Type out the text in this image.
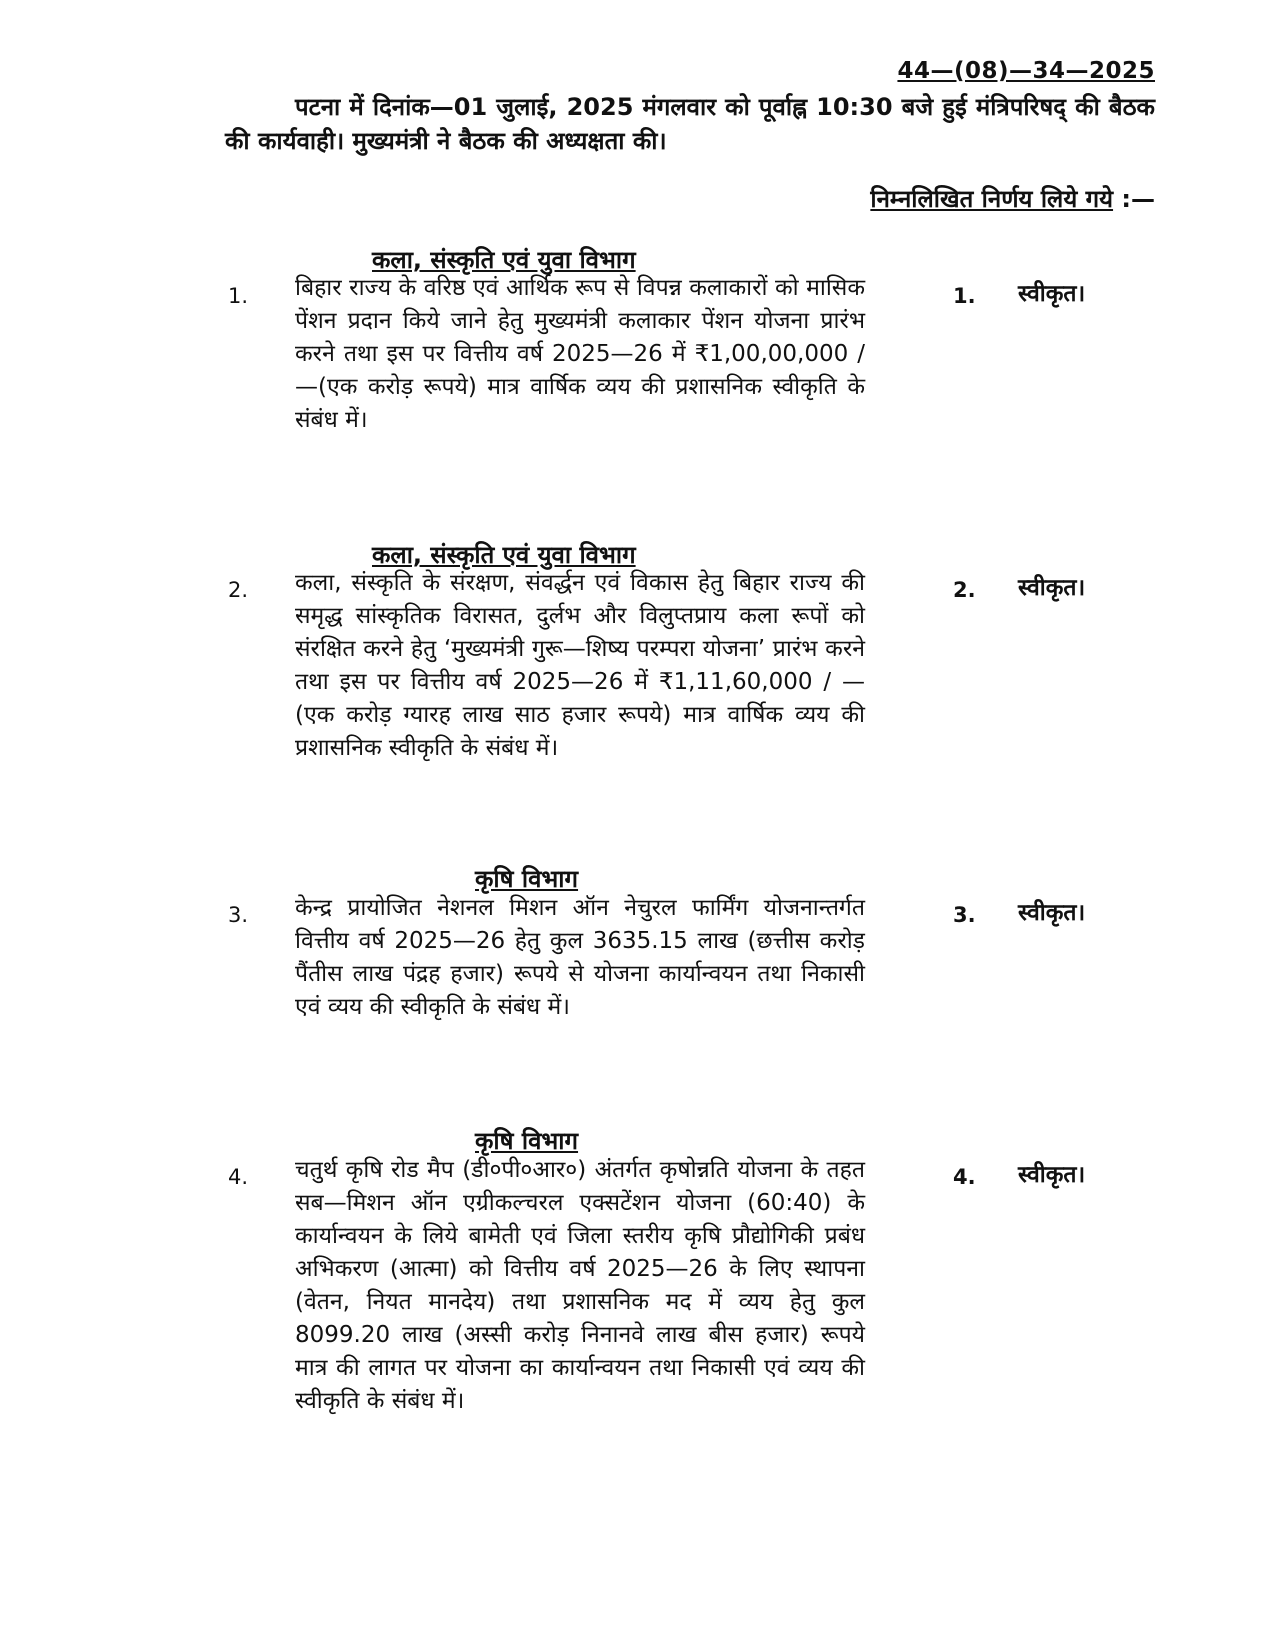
44—(08)—34—2025
पटना में दिनांक—01 जुलाई, 2025 मंगलवार को पूर्वाह्न 10:30 बजे हुई मंत्रिपरिषद् की बैठक की कार्यवाही। मुख्यमंत्री ने बैठक की अध्यक्षता की।
निम्नलिखित निर्णय लिये गये :—
कला, संस्कृति एवं युवा विभाग
1. बिहार राज्य के वरिष्ठ एवं आर्थिक रूप से विपन्न कलाकारों को मासिक पेंशन प्रदान किये जाने हेतु मुख्यमंत्री कलाकार पेंशन योजना प्रारंभ करने तथा इस पर वित्तीय वर्ष 2025—26 में ₹1,00,00,000 / —(एक करोड़ रूपये) मात्र वार्षिक व्यय की प्रशासनिक स्वीकृति के संबंध में।
1. स्वीकृत।
कला, संस्कृति एवं युवा विभाग
2. कला, संस्कृति के संरक्षण, संवर्द्धन एवं विकास हेतु बिहार राज्य की समृद्ध सांस्कृतिक विरासत, दुर्लभ और विलुप्तप्राय कला रूपों को संरक्षित करने हेतु ‘मुख्यमंत्री गुरू—शिष्य परम्परा योजना’ प्रारंभ करने तथा इस पर वित्तीय वर्ष 2025—26 में ₹1,11,60,000 / —(एक करोड़ ग्यारह लाख साठ हजार रूपये) मात्र वार्षिक व्यय की प्रशासनिक स्वीकृति के संबंध में।
2. स्वीकृत।
कृषि विभाग
3. केन्द्र प्रायोजित नेशनल मिशन ऑन नेचुरल फार्मिंग योजनान्तर्गत वित्तीय वर्ष 2025—26 हेतु कुल 3635.15 लाख (छत्तीस करोड़ पैंतीस लाख पंद्रह हजार) रूपये से योजना कार्यान्वयन तथा निकासी एवं व्यय की स्वीकृति के संबंध में।
3. स्वीकृत।
कृषि विभाग
4. चतुर्थ कृषि रोड मैप (डी०पी०आर०) अंतर्गत कृषोन्नति योजना के तहत सब—मिशन ऑन एग्रीकल्चरल एक्सटेंशन योजना (60:40) के कार्यान्वयन के लिये बामेती एवं जिला स्तरीय कृषि प्रौद्योगिकी प्रबंध अभिकरण (आत्मा) को वित्तीय वर्ष 2025—26 के लिए स्थापना (वेतन, नियत मानदेय) तथा प्रशासनिक मद में व्यय हेतु कुल 8099.20 लाख (अस्सी करोड़ निनानवे लाख बीस हजार) रूपये मात्र की लागत पर योजना का कार्यान्वयन तथा निकासी एवं व्यय की स्वीकृति के संबंध में।
4. स्वीकृत।
